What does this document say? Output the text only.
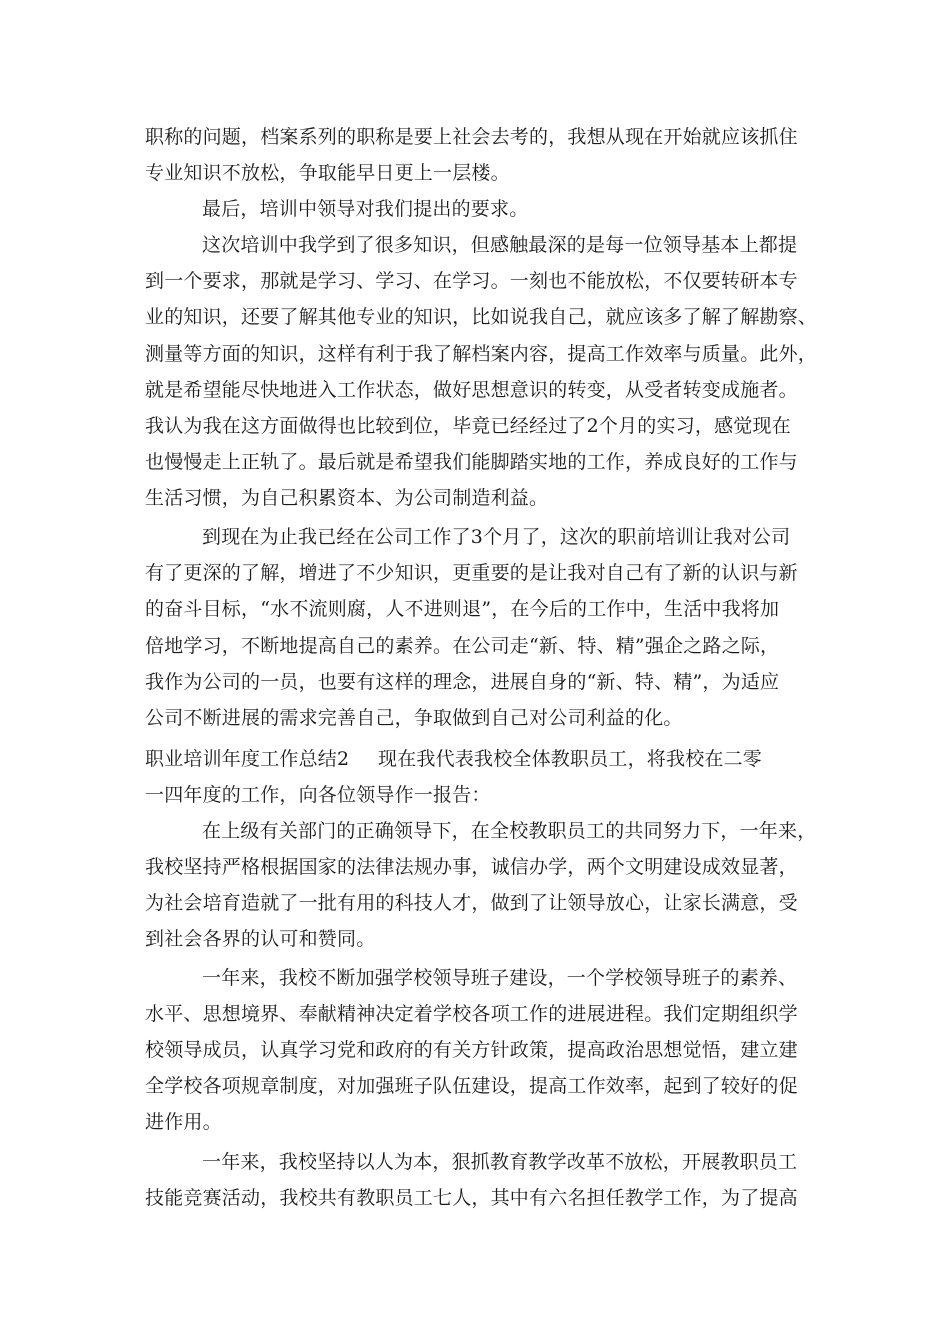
职称的问题，档案系列的职称是要上社会去考的，我想从现在开始就应该抓住
专业知识不放松，争取能早日更上一层楼。
最后，培训中领导对我们提出的要求。
这次培训中我学到了很多知识，但感触最深的是每一位领导基本上都提
到一个要求，那就是学习、学习、在学习。一刻也不能放松，不仅要转研本专
业的知识，还要了解其他专业的知识，比如说我自己，就应该多了解了解勘察、
测量等方面的知识，这样有利于我了解档案内容，提高工作效率与质量。此外，
就是希望能尽快地进入工作状态，做好思想意识的转变，从受者转变成施者。
我认为我在这方面做得也比较到位，毕竟已经经过了2个月的实习，感觉现在
也慢慢走上正轨了。最后就是希望我们能脚踏实地的工作，养成良好的工作与
生活习惯，为自己积累资本、为公司制造利益。
到现在为止我已经在公司工作了3个月了，这次的职前培训让我对公司
有了更深的了解，增进了不少知识，更重要的是让我对自己有了新的认识与新
的奋斗目标，“水不流则腐，人不进则退”，在今后的工作中，生活中我将加
倍地学习，不断地提高自己的素养。在公司走“新、特、精”强企之路之际，
我作为公司的一员，也要有这样的理念，进展自身的“新、特、精”，为适应
公司不断进展的需求完善自己，争取做到自己对公司利益的化。
职业培训年度工作总结2 现在我代表我校全体教职员工，将我校在二零
一四年度的工作，向各位领导作一报告：
在上级有关部门的正确领导下，在全校教职员工的共同努力下，一年来，
我校坚持严格根据国家的法律法规办事，诚信办学，两个文明建设成效显著，
为社会培育造就了一批有用的科技人才，做到了让领导放心，让家长满意，受
到社会各界的认可和赞同。
一年来，我校不断加强学校领导班子建设，一个学校领导班子的素养、
水平、思想境界、奉献精神决定着学校各项工作的进展进程。我们定期组织学
校领导成员，认真学习党和政府的有关方针政策，提高政治思想觉悟，建立建
全学校各项规章制度，对加强班子队伍建设，提高工作效率，起到了较好的促
进作用。
一年来，我校坚持以人为本，狠抓教育教学改革不放松，开展教职员工
技能竞赛活动，我校共有教职员工七人，其中有六名担任教学工作，为了提高
